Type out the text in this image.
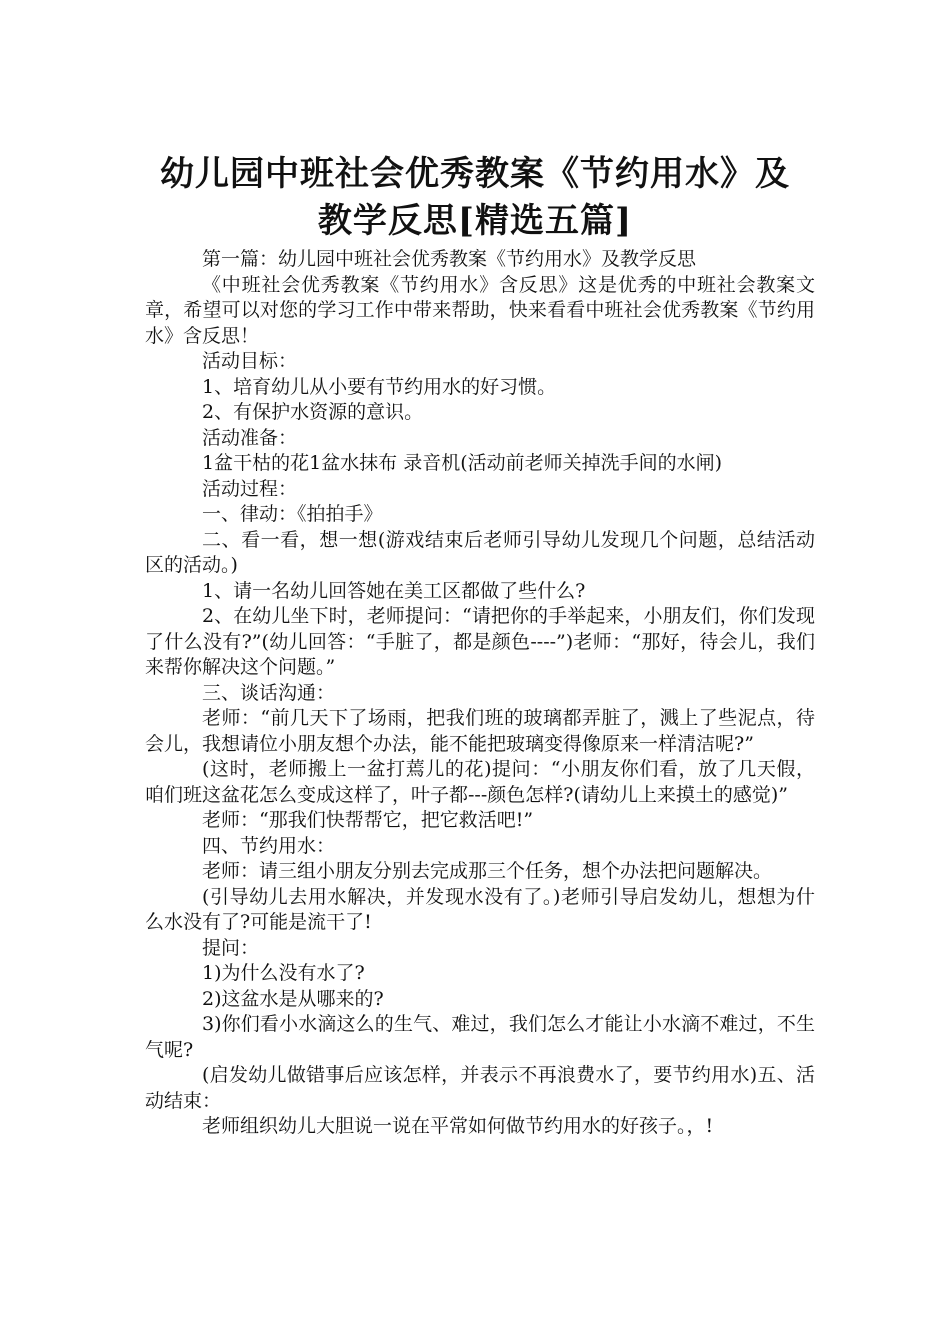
幼儿园中班社会优秀教案《节约用水》及
教学反思[精选五篇]

第一篇：幼儿园中班社会优秀教案《节约用水》及教学反思

《中班社会优秀教案《节约用水》含反思》这是优秀的中班社会教案文章，希望可以对您的学习工作中带来帮助，快来看看中班社会优秀教案《节约用水》含反思！

活动目标：

1、培育幼儿从小要有节约用水的好习惯。

2、有保护水资源的意识。

活动准备：

1盆干枯的花1盆水抹布 录音机(活动前老师关掉洗手间的水闸)

活动过程：

一、律动：《拍拍手》

二、看一看，想一想(游戏结束后老师引导幼儿发现几个问题，总结活动区的活动。)

1、请一名幼儿回答她在美工区都做了些什么?

2、在幼儿坐下时，老师提问：“请把你的手举起来，小朋友们，你们发现了什么没有?”(幼儿回答：“手脏了，都是颜色----”)老师：“那好，待会儿，我们来帮你解决这个问题。”

三、谈话沟通：

老师：“前几天下了场雨，把我们班的玻璃都弄脏了，溅上了些泥点，待会儿，我想请位小朋友想个办法，能不能把玻璃变得像原来一样清洁呢?”

(这时，老师搬上一盆打蔫儿的花)提问：“小朋友你们看，放了几天假，咱们班这盆花怎么变成这样了，叶子都---颜色怎样?(请幼儿上来摸土的感觉)”

老师：“那我们快帮帮它，把它救活吧!”

四、节约用水：

老师：请三组小朋友分别去完成那三个任务，想个办法把问题解决。

(引导幼儿去用水解决，并发现水没有了。)老师引导启发幼儿，想想为什么水没有了?可能是流干了!

提问：

1)为什么没有水了?

2)这盆水是从哪来的?

3)你们看小水滴这么的生气、难过，我们怎么才能让小水滴不难过，不生气呢?

(启发幼儿做错事后应该怎样，并表示不再浪费水了，要节约用水)五、活动结束：

老师组织幼儿大胆说一说在平常如何做节约用水的好孩子。，!
